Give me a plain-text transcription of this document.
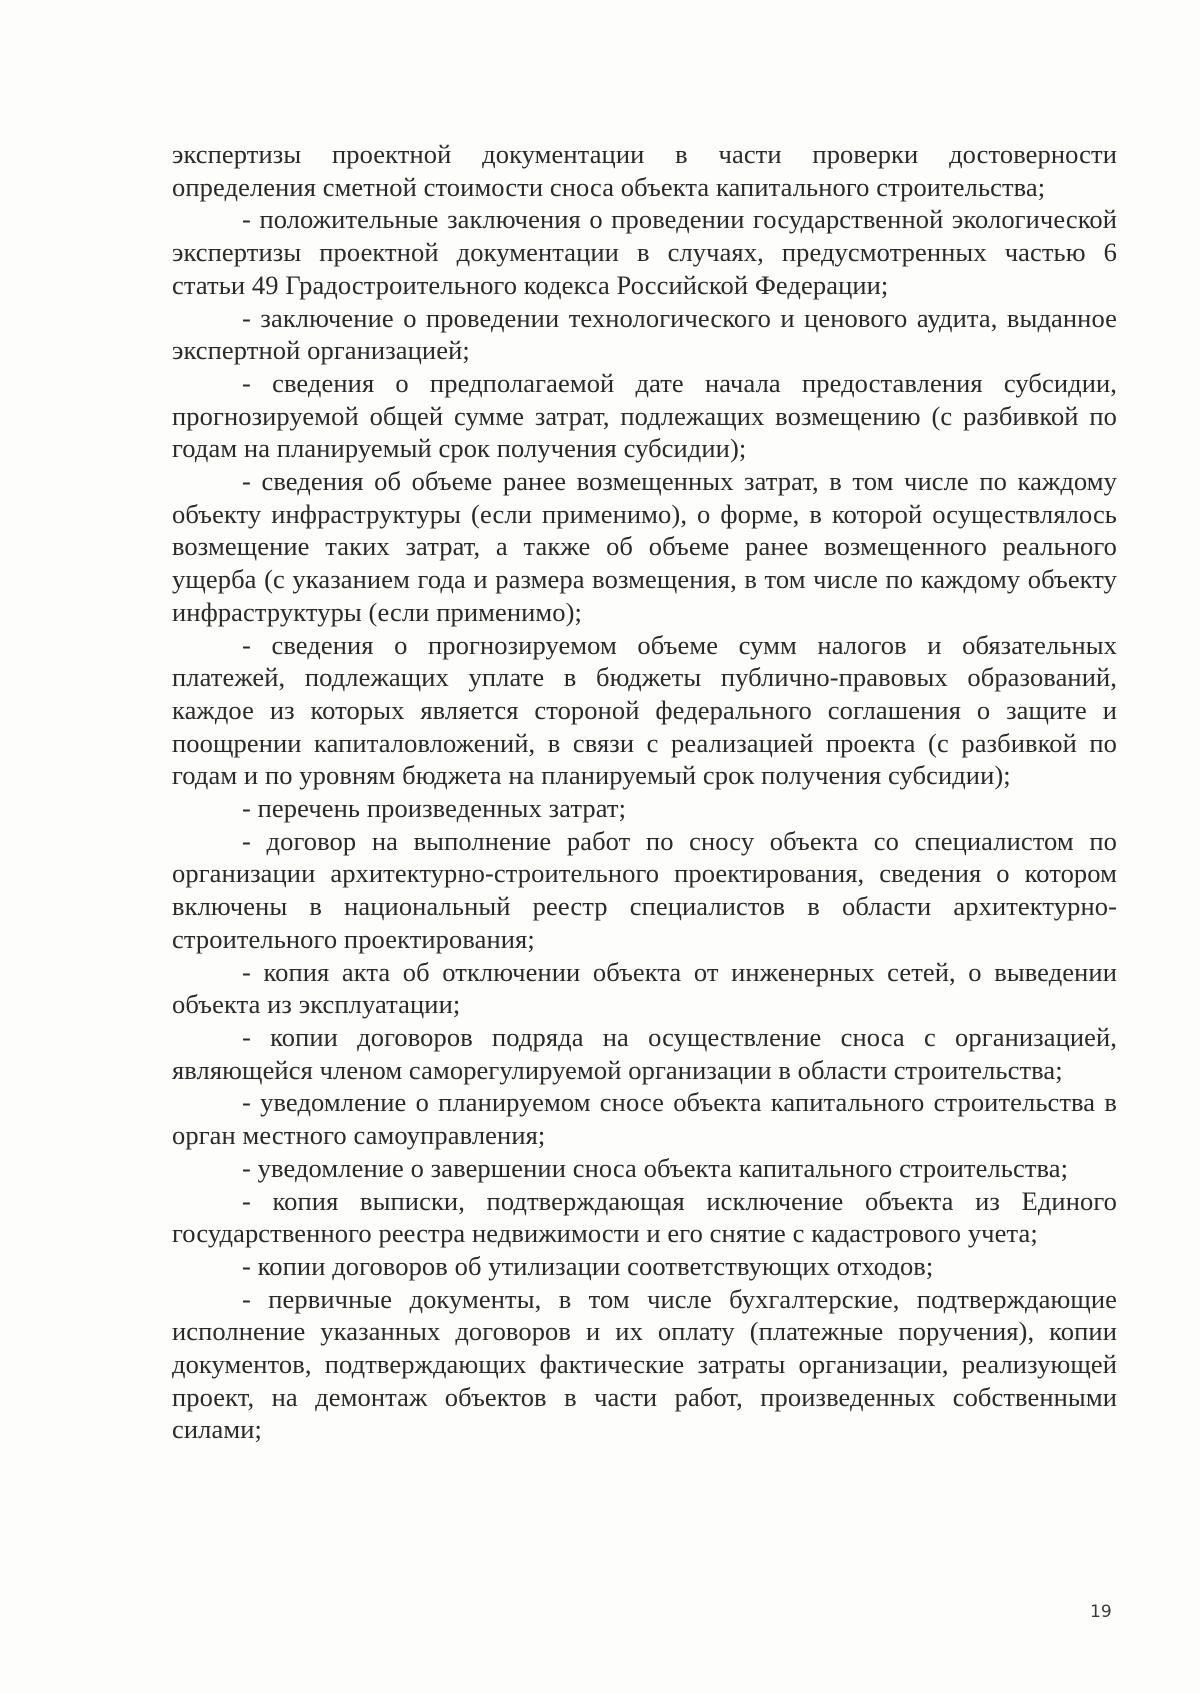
экспертизы проектной документации в части проверки достоверности определения сметной стоимости сноса объекта капитального строительства;

- положительные заключения о проведении государственной экологической экспертизы проектной документации в случаях, предусмотренных частью 6 статьи 49 Градостроительного кодекса Российской Федерации;

- заключение о проведении технологического и ценового аудита, выданное экспертной организацией;

- сведения о предполагаемой дате начала предоставления субсидии, прогнозируемой общей сумме затрат, подлежащих возмещению (с разбивкой по годам на планируемый срок получения субсидии);

- сведения об объеме ранее возмещенных затрат, в том числе по каждому объекту инфраструктуры (если применимо), о форме, в которой осуществлялось возмещение таких затрат, а также об объеме ранее возмещенного реального ущерба (с указанием года и размера возмещения, в том числе по каждому объекту инфраструктуры (если применимо);

- сведения о прогнозируемом объеме сумм налогов и обязательных платежей, подлежащих уплате в бюджеты публично-правовых образований, каждое из которых является стороной федерального соглашения о защите и поощрении капиталовложений, в связи с реализацией проекта (с разбивкой по годам и по уровням бюджета на планируемый срок получения субсидии);

- перечень произведенных затрат;

- договор на выполнение работ по сносу объекта со специалистом по организации архитектурно-строительного проектирования, сведения о котором включены в национальный реестр специалистов в области архитектурно-строительного проектирования;

- копия акта об отключении объекта от инженерных сетей, о выведении объекта из эксплуатации;

- копии договоров подряда на осуществление сноса с организацией, являющейся членом саморегулируемой организации в области строительства;

- уведомление о планируемом сносе объекта капитального строительства в орган местного самоуправления;

- уведомление о завершении сноса объекта капитального строительства;

- копия выписки, подтверждающая исключение объекта из Единого государственного реестра недвижимости и его снятие с кадастрового учета;

- копии договоров об утилизации соответствующих отходов;

- первичные документы, в том числе бухгалтерские, подтверждающие исполнение указанных договоров и их оплату (платежные поручения), копии документов, подтверждающих фактические затраты организации, реализующей проект, на демонтаж объектов в части работ, произведенных собственными силами;

19
